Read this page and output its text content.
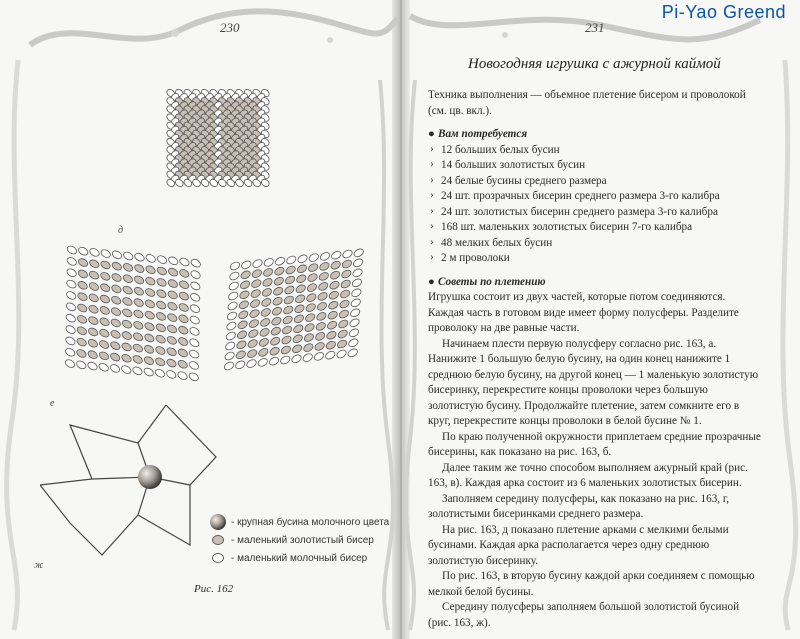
230	231
Pi-Yao Greend
д
е
ж
- крупная бусина молочного цвета
- маленький золотистый бисер
- маленький молочный бисер
Рис. 162
Новогодняя игрушка с ажурной каймой

Техника выполнения — объемное плетение бисером и проволокой (см. цв. вкл.).

● Вам потребуется

› 12 больших белых бусин
› 14 больших золотистых бусин
› 24 белые бусины среднего размера
› 24 шт. прозрачных бисерин среднего размера 3-го калибра
› 24 шт. золотистых бисерин среднего размера 3-го калибра
› 168 шт. маленьких золотистых бисерин 7-го калибра
› 48 мелких белых бусин
› 2 м проволоки

● Советы по плетению

Игрушка состоит из двух частей, которые потом соединяются. Каждая часть в готовом виде имеет форму полусферы. Разделите проволоку на две равные части.

Начинаем плести первую полусферу согласно рис. 163, а. Нанижите 1 большую белую бусину, на один конец нанижите 1 среднюю белую бусину, на другой конец — 1 маленькую золотистую бисеринку, перекрестите концы проволоки через большую золотистую бусину. Продолжайте плетение, затем сомкните его в круг, перекрестите концы проволоки в белой бусине № 1.

По краю полученной окружности приплетаем средние прозрачные бисерины, как показано на рис. 163, б.

Далее таким же точно способом выполняем ажурный край (рис. 163, в). Каждая арка состоит из 6 маленьких золотистых бисерин.

Заполняем середину полусферы, как показано на рис. 163, г, золотистыми бисеринками среднего размера.

На рис. 163, д показано плетение арками с мелкими белыми бусинами. Каждая арка располагается через одну среднюю золотистую бисеринку.

По рис. 163, в вторую бусину каждой арки соединяем с помощью мелкой белой бусины.

Середину полусферы заполняем большой золотистой бусиной (рис. 163, ж).
